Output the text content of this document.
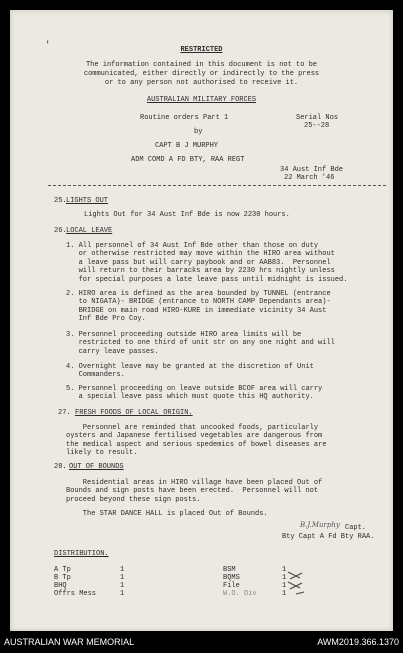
'	RESTRICTED
The information contained in this document is not to be
communicated, either directly or indirectly to the press
or to any person not authorised to receive it.
AUSTRALIAN MILITARY FORCES
Routine orders Part 1	Serial Nos
25--28
by
CAPT B J MURPHY
ADM COMD A FD BTY, RAA REGT
34 Aust Inf Bde
22 March '46
25. LIGHTS OUT
Lights Out for 34 Aust Inf Bde is now 2230 hours.
26. LOCAL LEAVE
1. All personnel of 34 Aust Inf Bde other than those on duty
or otherwise restricted may move within the HIRO area without
a leave pass but will carry paybook and or AAB83.  Personnel
will return to their barracks area by 2230 hrs nightly unless
for special purposes a late leave pass until midnight is issued.
2. HIRO area is defined as the area bounded by TUNNEL (entrance
to NIGATA)- BRIDGE (entrance to NORTH CAMP Dependants area)-
BRIDGE on main road HIRO-KURE in immediate vicinity 34 Aust
Inf Bde Pro Coy.
3. Personnel proceeding outside HIRO area limits will be
restricted to one third of unit str on any one night and will
carry leave passes.
4. Overnight leave may be granted at the discretion of Unit
Commanders.
5. Personnel proceeding on leave outside BCOF area will carry
a special leave pass which must quote this HQ authority.
27. FRESH FOODS OF LOCAL ORIGIN.
Personnel are reminded that uncooked foods, particularly
oysters and Japanese fertilised vegetables are dangerous from
the medical aspect and serious spedemics of bowel diseases are
likely to result.
28. OUT OF BOUNDS
Residential areas in HIRO village have been placed Out of
Bounds and sign posts have been erected.  Personnel will not
proceed beyond these sign posts.
The STAR DANCE HALL is placed Out of Bounds.
B.J.Murphy Capt.
Bty Capt A Fd Bty RAA.
DISTRIBUTION.
A Tp	1
B Tp	1
BHQ	1
Offrs Mess	1
BSM	1
BQMS	1
File	1
W.O. Div	1
AUSTRALIAN WAR MEMORIAL	AWM2019.366.1370
